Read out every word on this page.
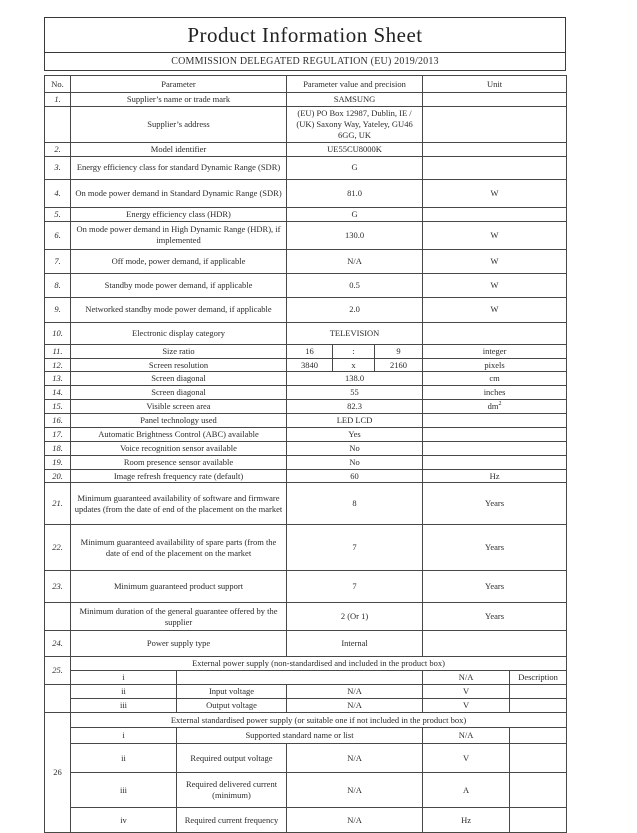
Product Information Sheet
COMMISSION DELEGATED REGULATION (EU) 2019/2013
No.	Parameter		Parameter value and precision			Unit	
1.	Supplier’s name or trade mark		SAMSUNG				
	Supplier’s address		(EU) PO Box 12987, Dublin, IE / (UK) Saxony Way, Yateley, GU46 6GG, UK				
2.	Model identifier		UE55CU8000K				
3.	Energy efficiency class for standard Dynamic Range (SDR)		G				
4.	On mode power demand in Standard Dynamic Range (SDR)		81.0			W	
5.	Energy efficiency class (HDR)		G				
6.	On mode power demand in High Dynamic Range (HDR), if implemented		130.0			W	
7.	Off mode, power demand, if applicable		N/A			W	
8.	Standby mode power demand, if applicable		0.5			W	
9.	Networked standby mode power demand, if applicable		2.0			W	
10.	Electronic display category		TELEVISION				
11.	Size ratio		16	:	9	integer	
12.	Screen resolution		3840	x	2160	pixels	
13.	Screen diagonal		138.0			cm	
14.	Screen diagonal		55			inches	
15.	Visible screen area		82.3			$dm^2$
16.	Panel technology used		LED LCD				
17.	Automatic Brightness Control (ABC) available		Yes				
18.	Voice recognition sensor available		No				
19.	Room presence sensor available		No				
20.	Image refresh frequency rate (default)		60			Hz	
21.	Minimum guaranteed availability of software and firmware updates (from the date of end of the placement on the market		8			Years	
22.	Minimum guaranteed availability of spare parts (from the date of end of the placement on the market		7			Years	
23.	Minimum guaranteed product support		7			Years	
	Minimum duration of the general guarantee offered by the supplier		2 (Or 1)			Years	
24.	Power supply type		Internal				
25.	External power supply (non-standardised and included in the product box)						
	i					N/A	Description
	ii	Input voltage	N/A			V	
	iii	Output voltage	N/A			V	
26	External standardised power supply (or suitable one if not included in the product box)						
	i	Supported standard name or list				N/A	
	ii	Required output voltage	N/A			V	
	iii	Required delivered current (minimum)	N/A			A	
	iv	Required current frequency	N/A			Hz	
